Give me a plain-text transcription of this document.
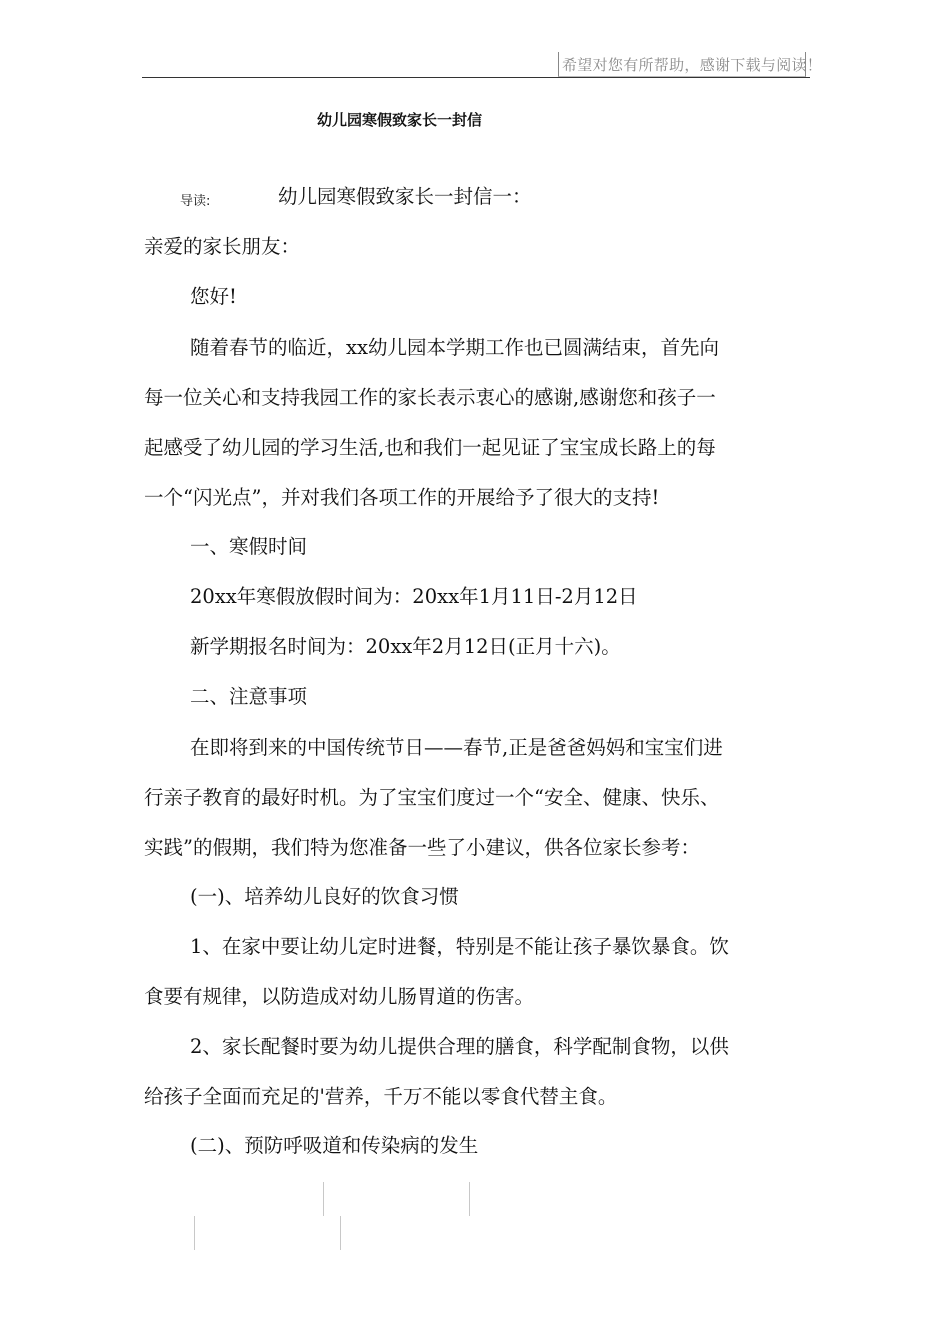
希望对您有所帮助，感谢下载与阅读！
幼儿园寒假致家长一封信
导读:	幼儿园寒假致家长一封信一：
亲爱的家长朋友：
您好!
随着春节的临近，xx幼儿园本学期工作也已圆满结束，首先向
每一位关心和支持我园工作的家长表示衷心的感谢,感谢您和孩子一
起感受了幼儿园的学习生活,也和我们一起见证了宝宝成长路上的每
一个“闪光点”，并对我们各项工作的开展给予了很大的支持!
一、寒假时间
20xx年寒假放假时间为：20xx年1月11日-2月12日
新学期报名时间为：20xx年2月12日(正月十六)。
二、注意事项
在即将到来的中国传统节日——春节,正是爸爸妈妈和宝宝们进
行亲子教育的最好时机。为了宝宝们度过一个“安全、健康、快乐、
实践”的假期，我们特为您准备一些了小建议，供各位家长参考：
(一)、培养幼儿良好的饮食习惯
1、在家中要让幼儿定时进餐，特别是不能让孩子暴饮暴食。饮
食要有规律，以防造成对幼儿肠胃道的伤害。
2、家长配餐时要为幼儿提供合理的膳食，科学配制食物，以供
给孩子全面而充足的'营养，千万不能以零食代替主食。
(二)、预防呼吸道和传染病的发生
